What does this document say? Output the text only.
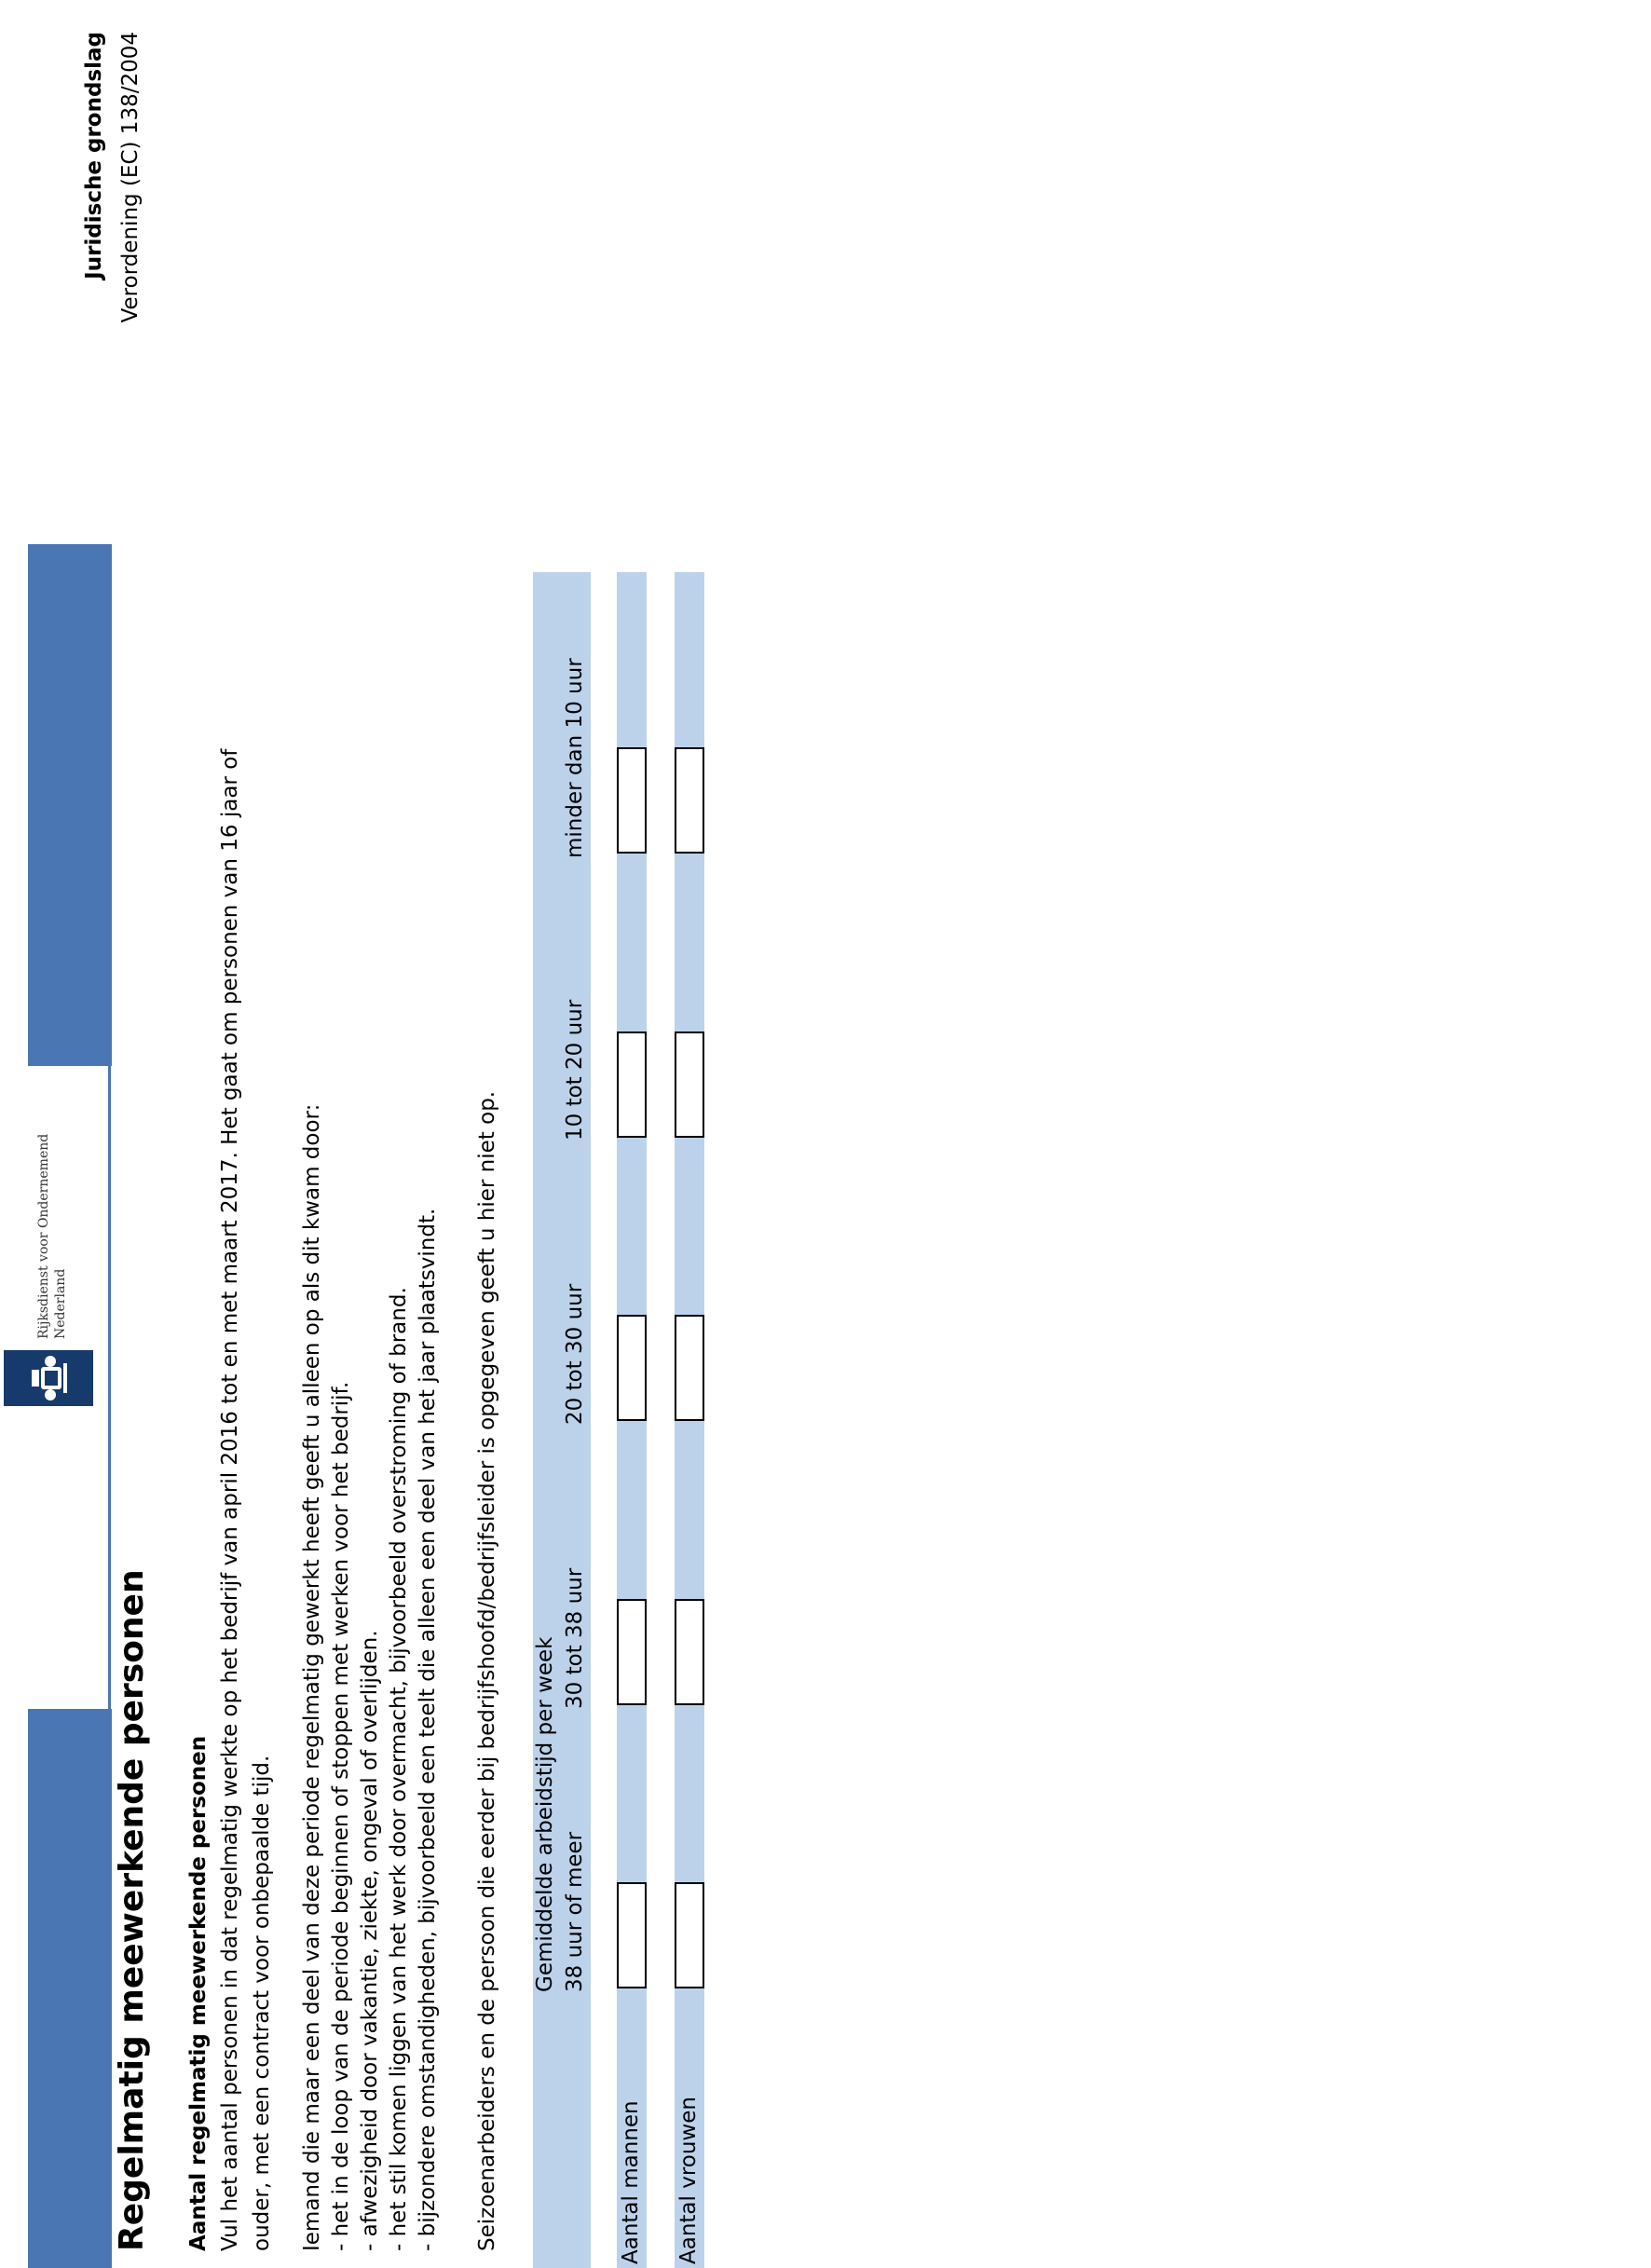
Rijksdienst voor Ondernemend Nederland
Juridische grondslag Verordening (EC) 138/2004
Regelmatig meewerkende personen Aantal regelmatig meewerkende personen Vul het aantal personen in dat regelmatig werkte op het bedrijf van april 2016 tot en met maart 2017. Het gaat om personen van 16 jaar of ouder, met een contract voor onbepaalde tijd. Iemand die maar een deel van deze periode regelmatig gewerkt heeft geeft u alleen op als dit kwam door: - het in de loop van de periode beginnen of stoppen met werken voor het bedrijf. - afwezigheid door vakantie, ziekte, ongeval of overlijden. - het stil komen liggen van het werk door overmacht, bijvoorbeeld overstroming of brand. - bijzondere omstandigheden, bijvoorbeeld een teelt die alleen een deel van het jaar plaatsvindt. Seizoenarbeiders en de persoon die eerder bij bedrijfshoofd/bedrijfsleider is opgegeven geeft u hier niet op. Gemiddelde arbeidstijd per week 38 uur of meer
30 tot 38 uur
20 tot 30 uur
10 tot 20 uur
minder dan 10 uur
Aantal mannen Aantal vrouwen
